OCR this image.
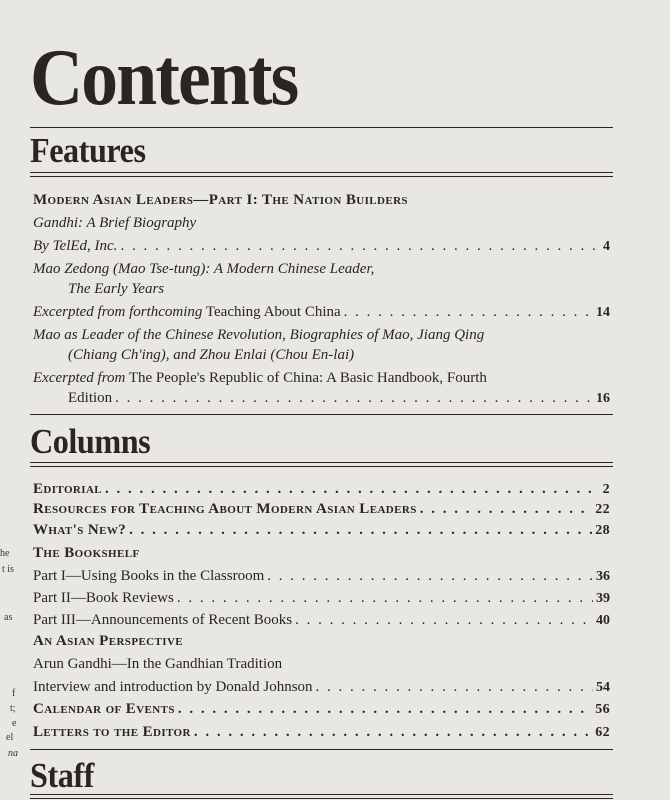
he
t is
as
f
t;
e
el
na
Contents
Features
Modern Asian Leaders—Part I: The Nation Builders
Gandhi: A Brief Biography
By TelEd, Inc. . . .	4
Mao Zedong (Mao Tse-tung): A Modern Chinese Leader,
The Early Years
Excerpted from forthcoming Teaching About China . . .	14
Mao as Leader of the Chinese Revolution, Biographies of Mao, Jiang Qing
(Chiang Ch'ing), and Zhou Enlai (Chou En-lai)
Excerpted from The People's Republic of China: A Basic Handbook, Fourth
Edition . . .	16
Columns
Editorial . . .	2
Resources for Teaching About Modern Asian Leaders . . .	22
What's New? . . .	28
The Bookshelf
Part I—Using Books in the Classroom . . .	36
Part II—Book Reviews . . .	39
Part III—Announcements of Recent Books . . .	40
An Asian Perspective
Arun Gandhi—In the Gandhian Tradition
Interview and introduction by Donald Johnson . . .	54
Calendar of Events . . .	56
Letters to the Editor . . .	62
Staff
